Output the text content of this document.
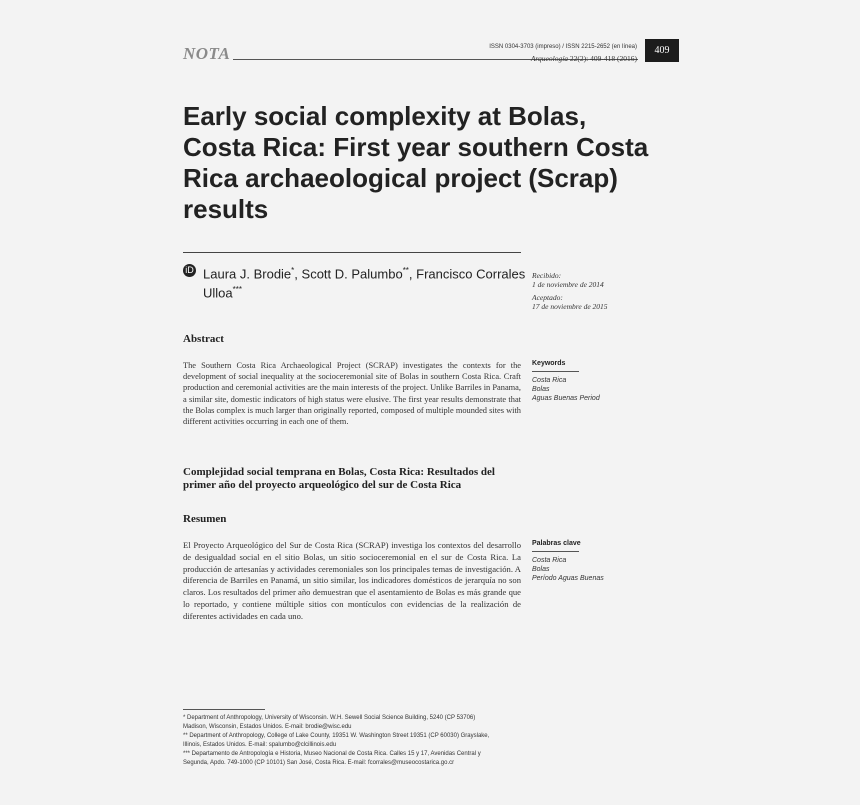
NOTA	ISSN 0304-3703 (impreso) / ISSN 2215-2652 (en línea)
Arqueología 22(2): 409-418 (2016)
409
Early social complexity at Bolas, Costa Rica: First year southern Costa Rica archaeological project (Scrap) results
iD Laura J. Brodie*, Scott D. Palumbo**, Francisco Corrales Ulloa***
Recibido:
1 de noviembre de 2014
Aceptado:
17 de noviembre de 2015
Abstract
The Southern Costa Rica Archaeological Project (SCRAP) investigates the contexts for the development of social inequality at the socioceremonial site of Bolas in southern Costa Rica. Craft production and ceremonial activities are the main interests of the project. Unlike Barriles in Panama, a similar site, domestic indicators of high status were elusive. The first year results demonstrate that the Bolas complex is much larger than originally reported, composed of multiple mounded sites with different activities occurring in each one of them.
Keywords
Costa Rica
Bolas
Aguas Buenas Period
Complejidad social temprana en Bolas, Costa Rica: Resultados del primer año del proyecto arqueológico del sur de Costa Rica
Resumen
El Proyecto Arqueológico del Sur de Costa Rica (SCRAP) investiga los contextos del desarrollo de desigualdad social en el sitio Bolas, un sitio socioceremonial en el sur de Costa Rica. La producción de artesanías y actividades ceremoniales son los principales temas de investigación. A diferencia de Barriles en Panamá, un sitio similar, los indicadores domésticos de jerarquía no son claros. Los resultados del primer año demuestran que el asentamiento de Bolas es más grande que lo reportado, y contiene múltiple sitios con montículos con evidencias de la realización de diferentes actividades en cada uno.
Palabras clave
Costa Rica
Bolas
Período Aguas Buenas
* Department of Anthropology, University of Wisconsin. W.H. Sewell Social Science Building, 5240 (CP 53706)
Madison, Wisconsin, Estados Unidos. E-mail: brodie@wisc.edu
** Department of Anthropology, College of Lake County, 19351 W. Washington Street 19351 (CP 60030) Grayslake,
Illinois, Estados Unidos. E-mail: spalumbo@clcillinois.edu
*** Departamento de Antropología e Historia, Museo Nacional de Costa Rica. Calles 15 y 17, Avenidas Central y
Segunda, Apdo. 749-1000 (CP 10101) San José, Costa Rica. E-mail: fcorrales@museocostarica.go.cr
